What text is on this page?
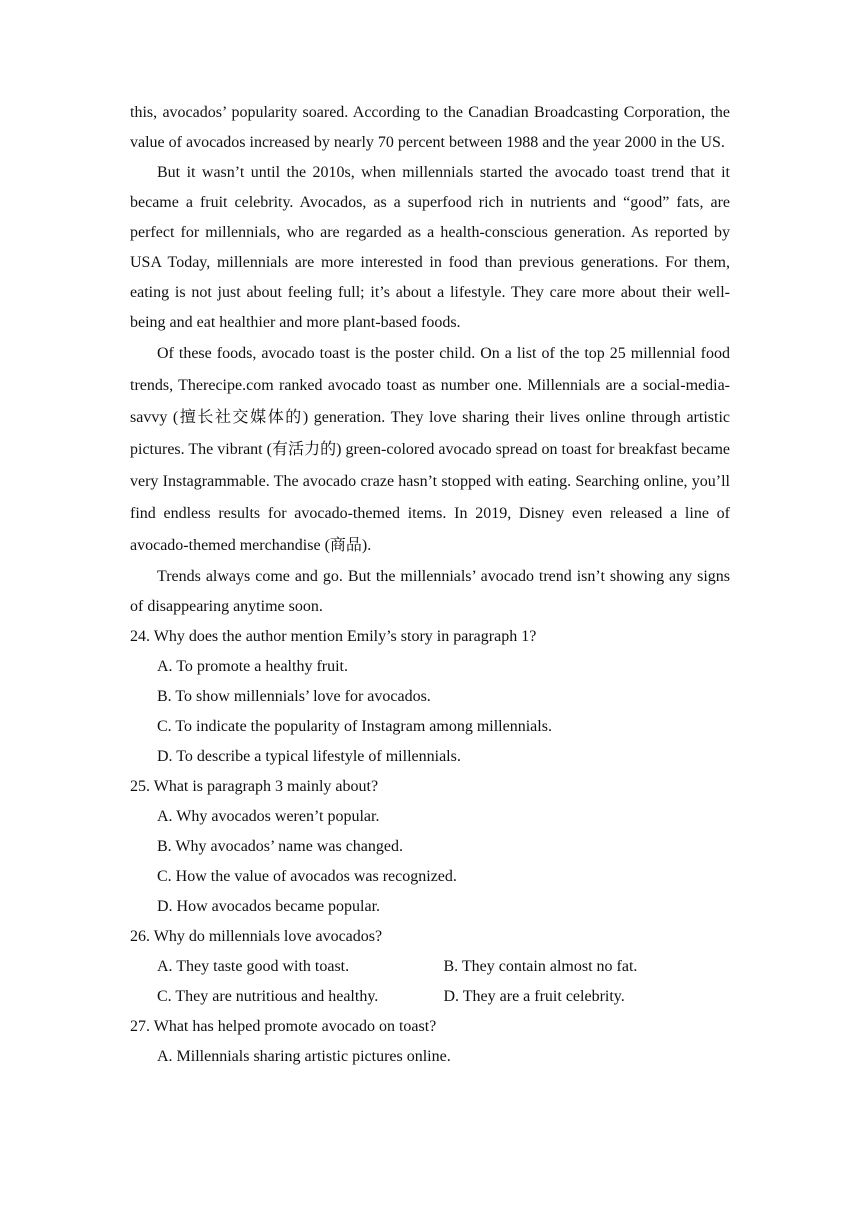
this, avocados’ popularity soared. According to the Canadian Broadcasting Corporation, the value of avocados increased by nearly 70 percent between 1988 and the year 2000 in the US.

But it wasn’t until the 2010s, when millennials started the avocado toast trend that it became a fruit celebrity. Avocados, as a superfood rich in nutrients and “good” fats, are perfect for millennials, who are regarded as a health-conscious generation. As reported by USA Today, millennials are more interested in food than previous generations. For them, eating is not just about feeling full; it’s about a lifestyle. They care more about their well-being and eat healthier and more plant-based foods.

Of these foods, avocado toast is the poster child. On a list of the top 25 millennial food trends, Therecipe.com ranked avocado toast as number one. Millennials are a social-media- savvy (擅长社交媒体的) generation. They love sharing their lives online through artistic pictures. The vibrant (有活力的) green-colored avocado spread on toast for breakfast became very Instagrammable. The avocado craze hasn’t stopped with eating. Searching online, you’ll find endless results for avocado-themed items. In 2019, Disney even released a line of avocado-themed merchandise (商品).

Trends always come and go. But the millennials’ avocado trend isn’t showing any signs of disappearing anytime soon.

24. Why does the author mention Emily’s story in paragraph 1?

A. To promote a healthy fruit.

B. To show millennials’ love for avocados.

C. To indicate the popularity of Instagram among millennials.

D. To describe a typical lifestyle of millennials.

25. What is paragraph 3 mainly about?

A. Why avocados weren’t popular.

B. Why avocados’ name was changed.

C. How the value of avocados was recognized.

D. How avocados became popular.

26. Why do millennials love avocados?

A. They taste good with toast.	B. They contain almost no fat.
C. They are nutritious and healthy.	D. They are a fruit celebrity.

27. What has helped promote avocado on toast?

A. Millennials sharing artistic pictures online.
